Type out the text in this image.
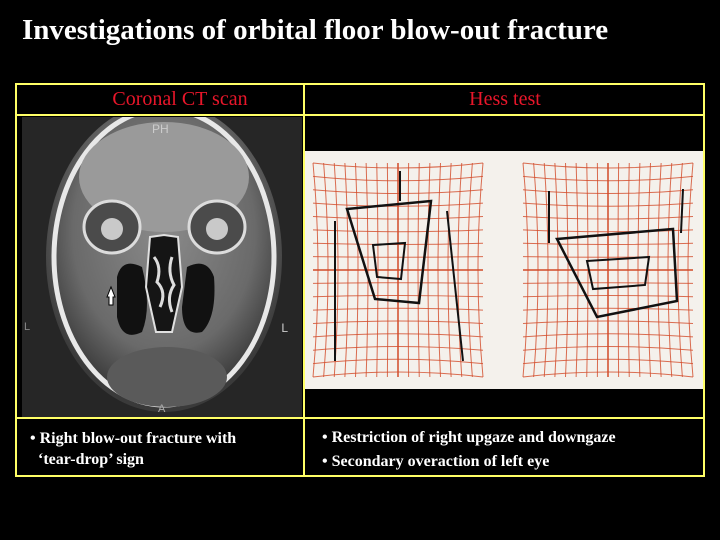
Investigations of orbital floor blow-out fracture
Coronal CT scan	Hess test
PH
L
L
A
• Right blow-out fracture with
‘tear-drop’ sign
• Restriction of right upgaze and downgaze
• Secondary overaction of left eye
